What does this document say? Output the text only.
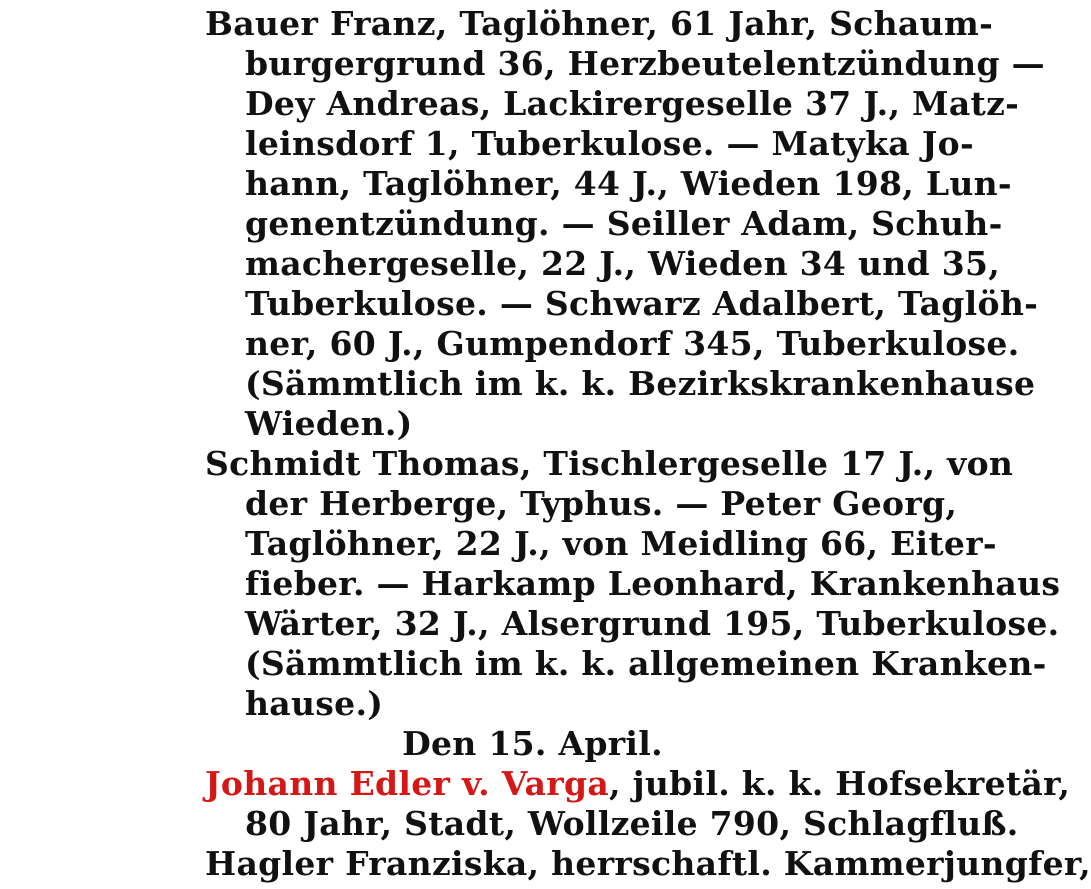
Bauer Franz, Taglöhner, 61 Jahr, Schaum-
burgergrund 36, Herzbeutelentzündung —
Dey Andreas, Lackirergeselle 37 J., Matz-
leinsdorf 1, Tuberkulose. — Matyka Jo-
hann, Taglöhner, 44 J., Wieden 198, Lun-
genentzündung. — Seiller Adam, Schuh-
machergeselle, 22 J., Wieden 34 und 35,
Tuberkulose. — Schwarz Adalbert, Taglöh-
ner, 60 J., Gumpendorf 345, Tuberkulose.
(Sämmtlich im k. k. Bezirkskrankenhause
Wieden.)
Schmidt Thomas, Tischlergeselle 17 J., von
der Herberge, Typhus. — Peter Georg,
Taglöhner, 22 J., von Meidling 66, Eiter-
fieber. — Harkamp Leonhard, Krankenhaus
Wärter, 32 J., Alsergrund 195, Tuberkulose.
(Sämmtlich im k. k. allgemeinen Kranken-
hause.)
Den 15. April.
Johann Edler v. Varga, jubil. k. k. Hofsekretär,
80 Jahr, Stadt, Wollzeile 790, Schlagfluß.
Hagler Franziska, herrschaftl. Kammerjungfer,
